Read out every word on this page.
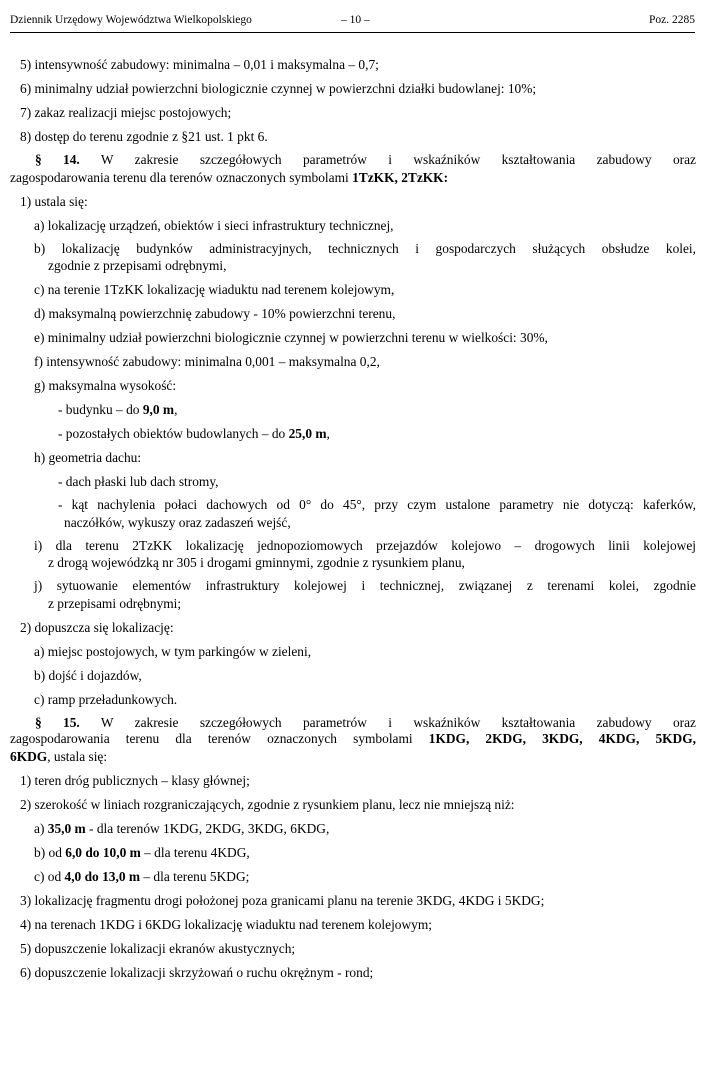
Dziennik Urzędowy Województwa Wielkopolskiego	– 10 –	Poz. 2285
5) intensywność zabudowy: minimalna – 0,01 i maksymalna – 0,7;
6) minimalny udział powierzchni biologicznie czynnej w powierzchni działki budowlanej: 10%;
7) zakaz realizacji miejsc postojowych;
8) dostęp do terenu zgodnie z §21 ust. 1 pkt 6.
§ 14. W zakresie szczegółowych parametrów i wskaźników kształtowania zabudowy oraz
zagospodarowania terenu dla terenów oznaczonych symbolami 1TzKK, 2TzKK:
1) ustala się:
a) lokalizację urządzeń, obiektów i sieci infrastruktury technicznej,
b) lokalizację budynków administracyjnych, technicznych i gospodarczych służących obsłudze kolei,
zgodnie z przepisami odrębnymi,
c) na terenie 1TzKK lokalizację wiaduktu nad terenem kolejowym,
d) maksymalną powierzchnię zabudowy - 10% powierzchni terenu,
e) minimalny udział powierzchni biologicznie czynnej w powierzchni terenu w wielkości: 30%,
f) intensywność zabudowy: minimalna 0,001 – maksymalna 0,2,
g) maksymalna wysokość:
- budynku – do 9,0 m,
- pozostałych obiektów budowlanych – do 25,0 m,
h) geometria dachu:
- dach płaski lub dach stromy,
- kąt nachylenia połaci dachowych od 0° do 45°, przy czym ustalone parametry nie dotyczą: kaferków,
naczółków, wykuszy oraz zadaszeń wejść,
i) dla terenu 2TzKK lokalizację jednopoziomowych przejazdów kolejowo – drogowych linii kolejowej
z drogą wojewódzką nr 305 i drogami gminnymi, zgodnie z rysunkiem planu,
j) sytuowanie elementów infrastruktury kolejowej i technicznej, związanej z terenami kolei, zgodnie
z przepisami odrębnymi;
2) dopuszcza się lokalizację:
a) miejsc postojowych, w tym parkingów w zieleni,
b) dojść i dojazdów,
c) ramp przeładunkowych.
§ 15. W zakresie szczegółowych parametrów i wskaźników kształtowania zabudowy oraz
zagospodarowania terenu dla terenów oznaczonych symbolami 1KDG, 2KDG, 3KDG, 4KDG, 5KDG,
6KDG, ustala się:
1) teren dróg publicznych – klasy głównej;
2) szerokość w liniach rozgraniczających, zgodnie z rysunkiem planu, lecz nie mniejszą niż:
a) 35,0 m - dla terenów 1KDG, 2KDG, 3KDG, 6KDG,
b) od 6,0 do 10,0 m – dla terenu 4KDG,
c) od 4,0 do 13,0 m – dla terenu 5KDG;
3) lokalizację fragmentu drogi położonej poza granicami planu na terenie 3KDG, 4KDG i 5KDG;
4) na terenach 1KDG i 6KDG lokalizację wiaduktu nad terenem kolejowym;
5) dopuszczenie lokalizacji ekranów akustycznych;
6) dopuszczenie lokalizacji skrzyżowań o ruchu okrężnym - rond;
